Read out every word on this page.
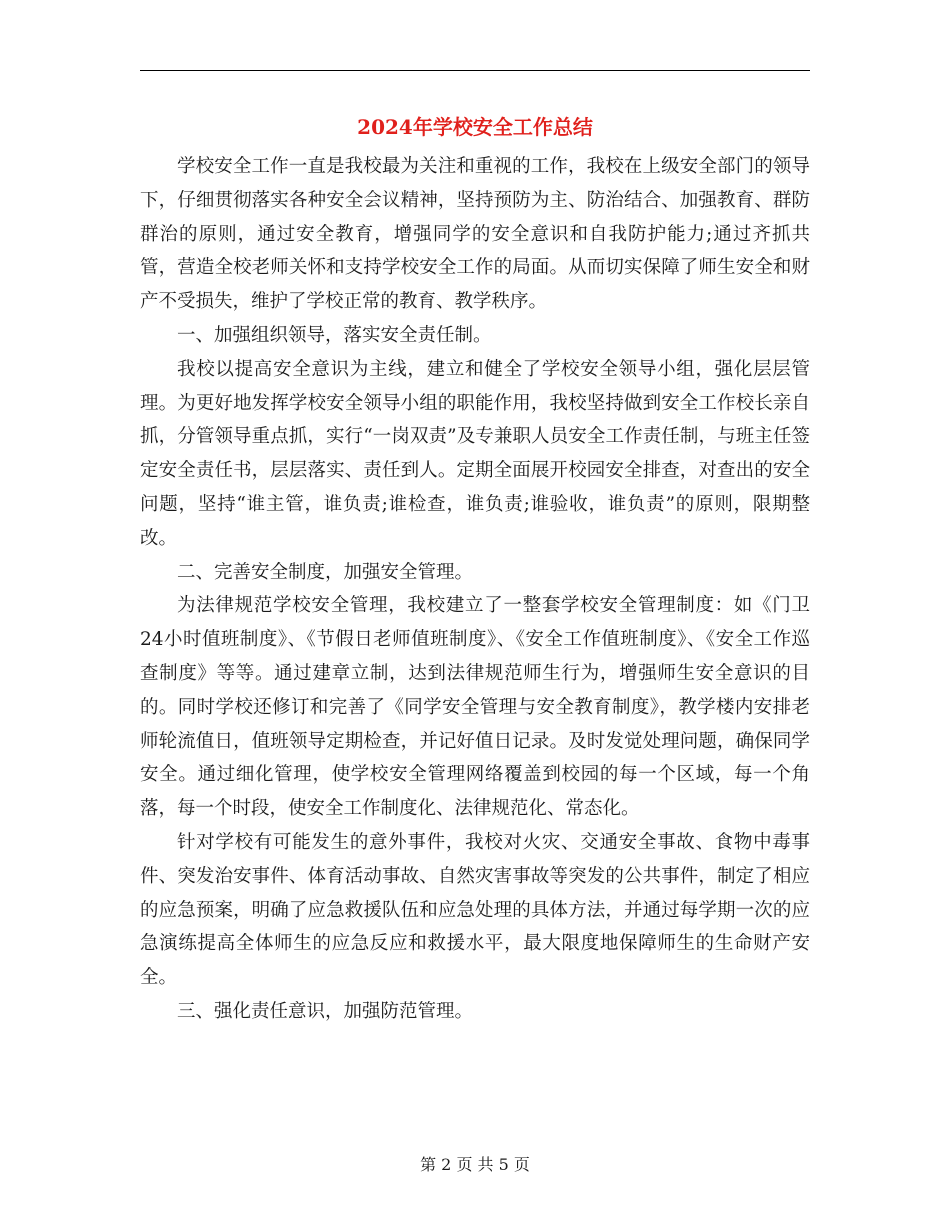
2024年学校安全工作总结

学校安全工作一直是我校最为关注和重视的工作，我校在上级安全部门的领导下，仔细贯彻落实各种安全会议精神，坚持预防为主、防治结合、加强教育、群防群治的原则，通过安全教育，增强同学的安全意识和自我防护能力;通过齐抓共管，营造全校老师关怀和支持学校安全工作的局面。从而切实保障了师生安全和财产不受损失，维护了学校正常的教育、教学秩序。

一、加强组织领导，落实安全责任制。

我校以提高安全意识为主线，建立和健全了学校安全领导小组，强化层层管理。为更好地发挥学校安全领导小组的职能作用，我校坚持做到安全工作校长亲自抓，分管领导重点抓，实行“一岗双责”及专兼职人员安全工作责任制，与班主任签定安全责任书，层层落实、责任到人。定期全面展开校园安全排查，对查出的安全问题，坚持“谁主管，谁负责;谁检查，谁负责;谁验收，谁负责”的原则，限期整改。

二、完善安全制度，加强安全管理。

为法律规范学校安全管理，我校建立了一整套学校安全管理制度：如《门卫24小时值班制度》、《节假日老师值班制度》、《安全工作值班制度》、《安全工作巡查制度》等等。通过建章立制，达到法律规范师生行为，增强师生安全意识的目的。同时学校还修订和完善了《同学安全管理与安全教育制度》，教学楼内安排老师轮流值日，值班领导定期检查，并记好值日记录。及时发觉处理问题，确保同学安全。通过细化管理，使学校安全管理网络覆盖到校园的每一个区域，每一个角落，每一个时段，使安全工作制度化、法律规范化、常态化。

针对学校有可能发生的意外事件，我校对火灾、交通安全事故、食物中毒事件、突发治安事件、体育活动事故、自然灾害事故等突发的公共事件，制定了相应的应急预案，明确了应急救援队伍和应急处理的具体方法，并通过每学期一次的应急演练提高全体师生的应急反应和救援水平，最大限度地保障师生的生命财产安全。

三、强化责任意识，加强防范管理。

第 2 页 共 5 页
